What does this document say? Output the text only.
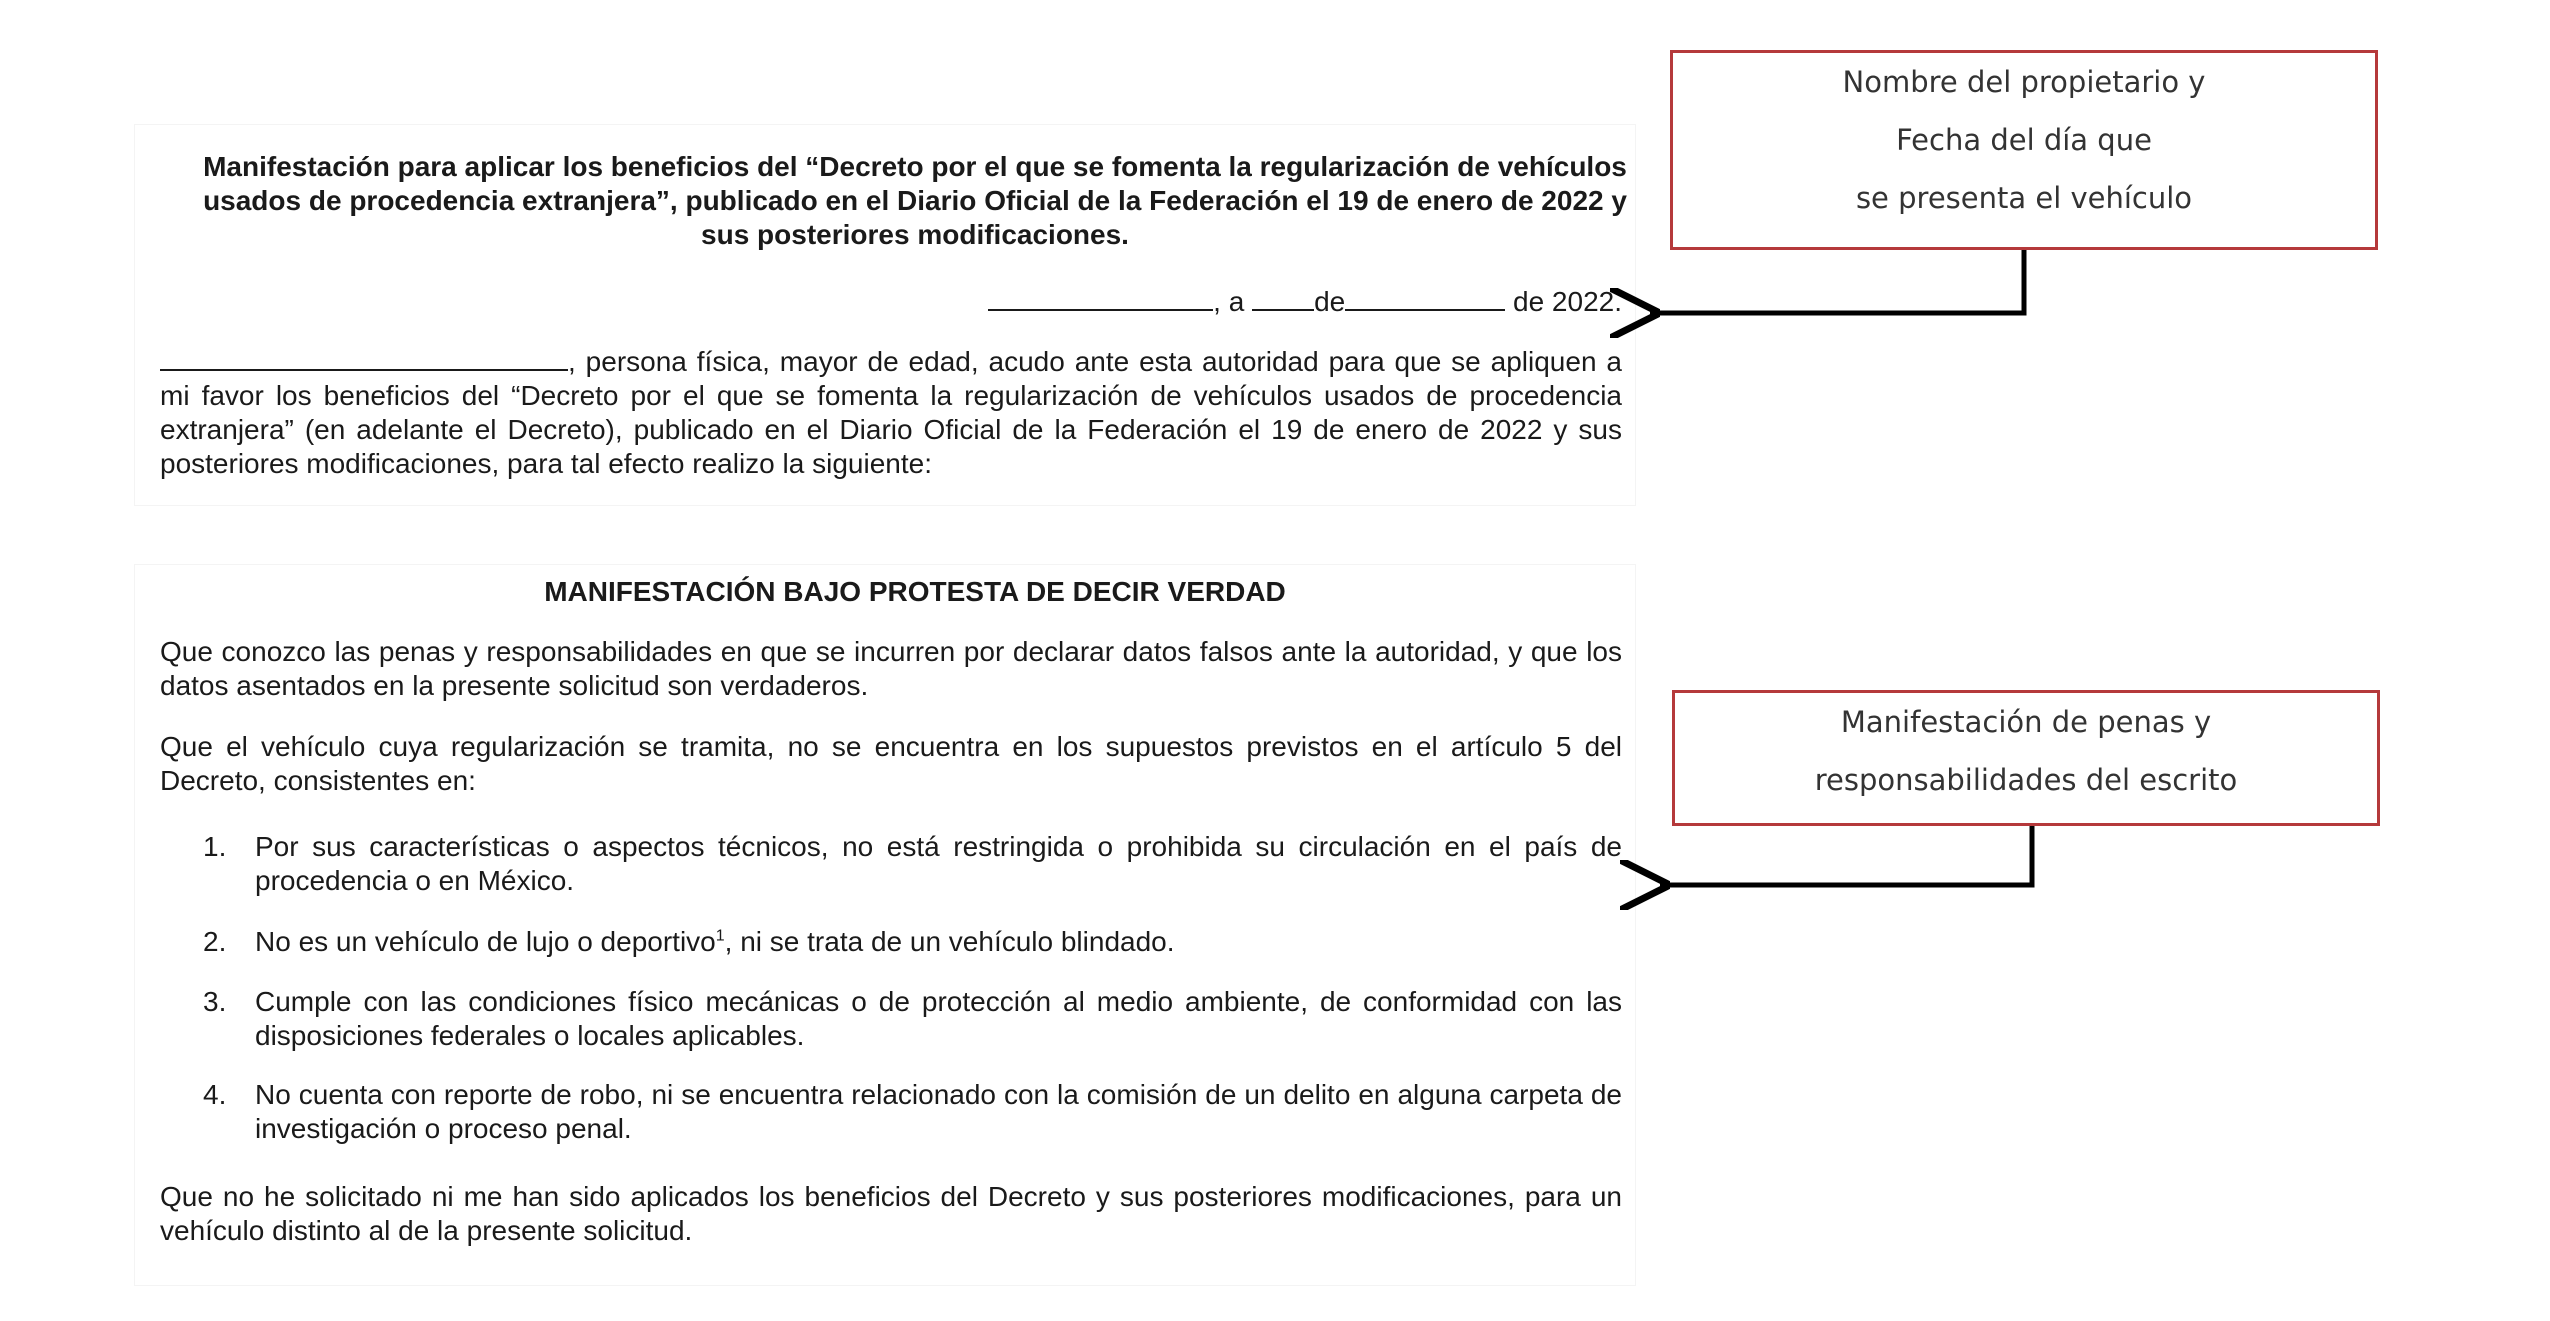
Manifestación para aplicar los beneficios del “Decreto por el que se fomenta la regularización de vehículos usados de procedencia extranjera”, publicado en el Diario Oficial de la Federación el 19 de enero de 2022 y sus posteriores modificaciones.
, a de	de 2022.
, persona física, mayor de edad, acudo ante esta autoridad para que se apliquen a mi favor los beneficios del “Decreto por el que se fomenta la regularización de vehículos usados de procedencia extranjera” (en adelante el Decreto), publicado en el Diario Oficial de la Federación el 19 de enero de 2022 y sus posteriores modificaciones, para tal efecto realizo la siguiente:
MANIFESTACIÓN BAJO PROTESTA DE DECIR VERDAD
Que conozco las penas y responsabilidades en que se incurren por declarar datos falsos ante la autoridad, y que los datos asentados en la presente solicitud son verdaderos.
Que el vehículo cuya regularización se tramita, no se encuentra en los supuestos previstos en el artículo 5 del Decreto, consistentes en:
1.	Por sus características o aspectos técnicos, no está restringida o prohibida su circulación en el país de procedencia o en México.
2.	No es un vehículo de lujo o deportivo$^1$, ni se trata de un vehículo blindado.
3.	Cumple con las condiciones físico mecánicas o de protección al medio ambiente, de conformidad con las disposiciones federales o locales aplicables.
4.	No cuenta con reporte de robo, ni se encuentra relacionado con la comisión de un delito en alguna carpeta de investigación o proceso penal.
Que no he solicitado ni me han sido aplicados los beneficios del Decreto y sus posteriores modificaciones, para un vehículo distinto al de la presente solicitud.
Nombre del propietario y
Fecha del día que
se presenta el vehículo
Manifestación de penas y
responsabilidades del escrito
